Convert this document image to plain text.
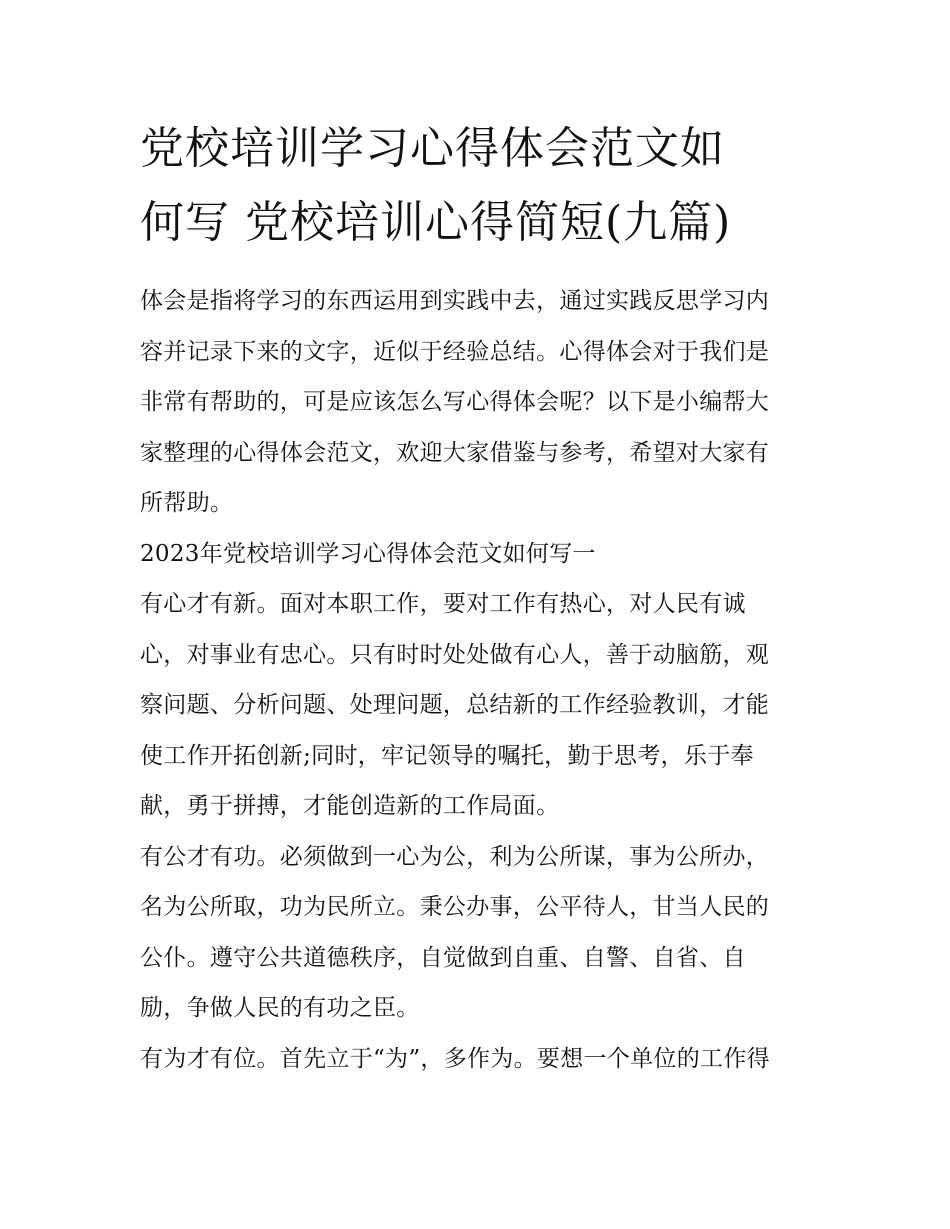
党校培训学习心得体会范文如
何写 党校培训心得简短(九篇)
体会是指将学习的东西运用到实践中去，通过实践反思学习内
容并记录下来的文字，近似于经验总结。心得体会对于我们是
非常有帮助的，可是应该怎么写心得体会呢？以下是小编帮大
家整理的心得体会范文，欢迎大家借鉴与参考，希望对大家有
所帮助。
2023年党校培训学习心得体会范文如何写一
有心才有新。面对本职工作，要对工作有热心，对人民有诚
心，对事业有忠心。只有时时处处做有心人，善于动脑筋，观
察问题、分析问题、处理问题，总结新的工作经验教训，才能
使工作开拓创新;同时，牢记领导的嘱托，勤于思考，乐于奉
献，勇于拼搏，才能创造新的工作局面。
有公才有功。必须做到一心为公，利为公所谋，事为公所办，
名为公所取，功为民所立。秉公办事，公平待人，甘当人民的
公仆。遵守公共道德秩序，自觉做到自重、自警、自省、自
励，争做人民的有功之臣。
有为才有位。首先立于“为”，多作为。要想一个单位的工作得
